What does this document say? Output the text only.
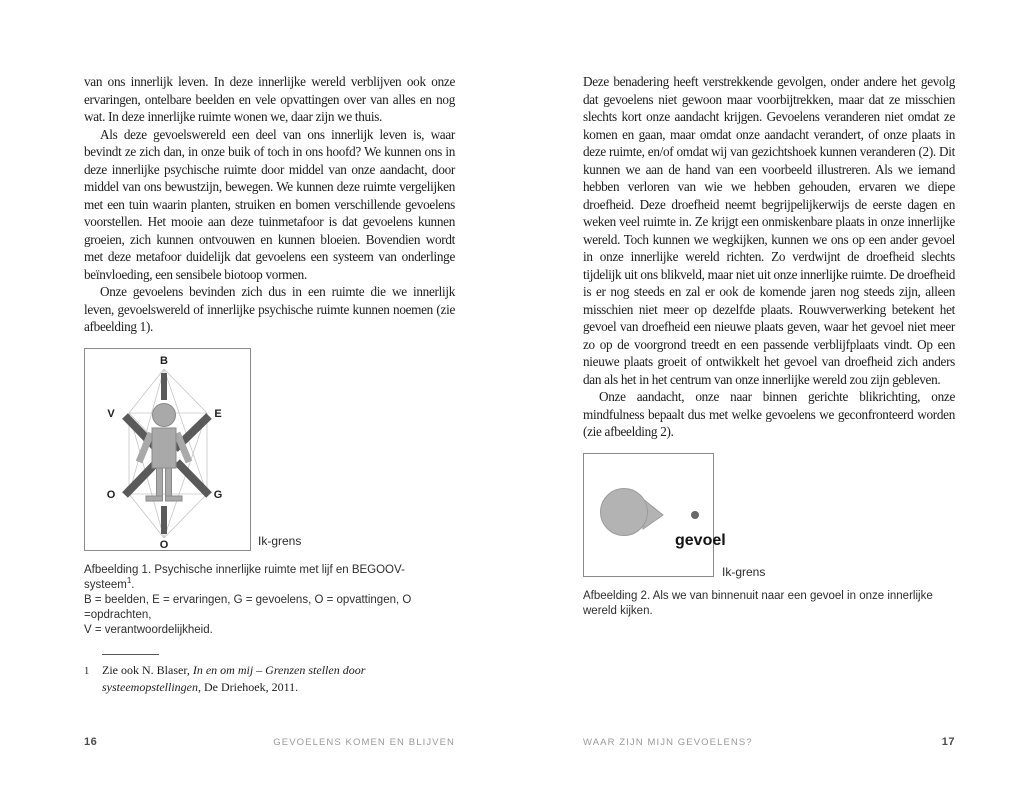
van ons innerlijk leven. In deze innerlijke wereld verblijven ook onze ervaringen, ontelbare beelden en vele opvattingen over van alles en nog wat. In deze innerlijke ruimte wonen we, daar zijn we thuis.

Als deze gevoelswereld een deel van ons innerlijk leven is, waar bevindt ze zich dan, in onze buik of toch in ons hoofd? We kunnen ons in deze innerlijke psychische ruimte door middel van onze aandacht, door middel van ons bewustzijn, bewegen. We kunnen deze ruimte vergelijken met een tuin waarin planten, struiken en bomen verschillende gevoelens voorstellen. Het mooie aan deze tuinmetafoor is dat gevoelens kunnen groeien, zich kunnen ontvouwen en kunnen bloeien. Bovendien wordt met deze metafoor duidelijk dat gevoelens een systeem van onderlinge beïnvloeding, een sensibele biotoop vormen.

Onze gevoelens bevinden zich dus in een ruimte die we innerlijk leven, gevoelswereld of innerlijke psychische ruimte kunnen noemen (zie afbeelding 1).

B
V	E
O	G
O	Ik-grens
Afbeelding 1. Psychische innerlijke ruimte met lijf en BEGOOV-systeem$^1$.
B = beelden, E = ervaringen, G = gevoelens, O = opvattingen, O =opdrachten,
V = verantwoordelijkheid.
1 Zie ook N. Blaser, In en om mij – Grenzen stellen door systeemopstellingen, De Driehoek, 2011.

Deze benadering heeft verstrekkende gevolgen, onder andere het gevolg dat gevoelens niet gewoon maar voorbijtrekken, maar dat ze misschien slechts kort onze aandacht krijgen. Gevoelens veranderen niet omdat ze komen en gaan, maar omdat onze aandacht verandert, of onze plaats in deze ruimte, en/of omdat wij van gezichtshoek kunnen veranderen (2). Dit kunnen we aan de hand van een voorbeeld illustreren. Als we iemand hebben verloren van wie we hebben gehouden, ervaren we diepe droefheid. Deze droefheid neemt begrijpelijkerwijs de eerste dagen en weken veel ruimte in. Ze krijgt een onmiskenbare plaats in onze innerlijke wereld. Toch kunnen we wegkijken, kunnen we ons op een ander gevoel in onze innerlijke wereld richten. Zo verdwijnt de droefheid slechts tijdelijk uit ons blikveld, maar niet uit onze innerlijke ruimte. De droefheid is er nog steeds en zal er ook de komende jaren nog steeds zijn, alleen misschien niet meer op dezelfde plaats. Rouwverwerking betekent het gevoel van droefheid een nieuwe plaats geven, waar het gevoel niet meer zo op de voorgrond treedt en een passende verblijfplaats vindt. Op een nieuwe plaats groeit of ontwikkelt het gevoel van droefheid zich anders dan als het in het centrum van onze innerlijke wereld zou zijn gebleven.

Onze aandacht, onze naar binnen gerichte blikrichting, onze mindfulness bepaalt dus met welke gevoelens we geconfronteerd worden (zie afbeelding 2).

gevoel
Ik-grens
Afbeelding 2. Als we van binnenuit naar een gevoel in onze innerlijke
wereld kijken.
16	GEVOELENS KOMEN EN BLIJVEN	WAAR ZIJN MIJN GEVOELENS?	17
